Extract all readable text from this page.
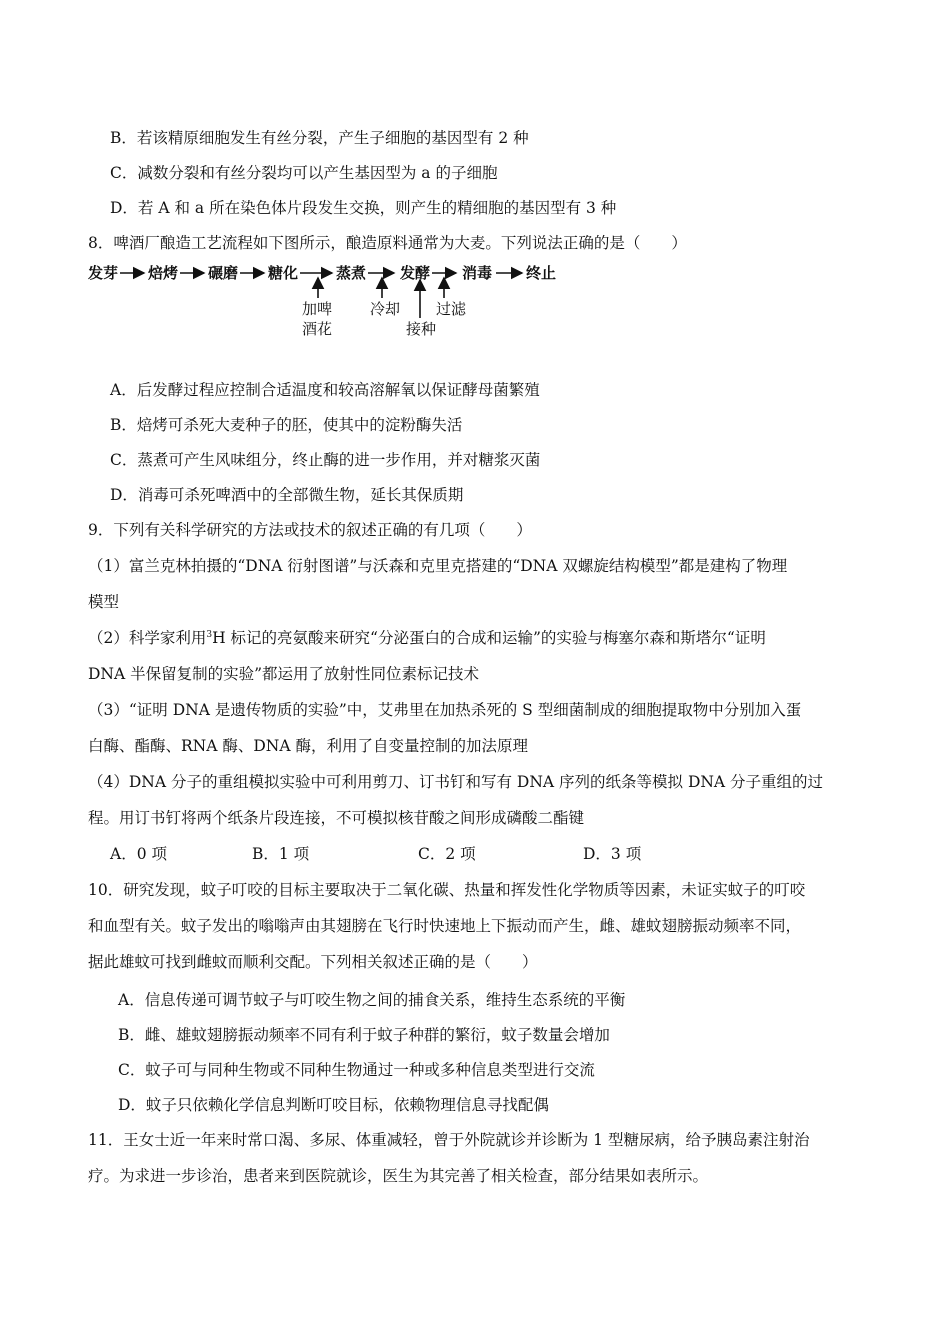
B．若该精原细胞发生有丝分裂，产生子细胞的基因型有 2 种
C．减数分裂和有丝分裂均可以产生基因型为 a 的子细胞
D．若 A 和 a 所在染色体片段发生交换，则产生的精细胞的基因型有 3 种
8．啤酒厂酿造工艺流程如下图所示，酿造原料通常为大麦。下列说法正确的是（　　）
发芽 焙烤 碾磨 糖化	蒸煮 发酵 消毒 终止
加啤
酒花
冷却
接种
过滤
A．后发酵过程应控制合适温度和较高溶解氧以保证酵母菌繁殖
B．焙烤可杀死大麦种子的胚，使其中的淀粉酶失活
C．蒸煮可产生风味组分，终止酶的进一步作用，并对糖浆灭菌
D．消毒可杀死啤酒中的全部微生物，延长其保质期
9．下列有关科学研究的方法或技术的叙述正确的有几项（　　）
（1）富兰克林拍摄的“DNA 衍射图谱”与沃森和克里克搭建的“DNA 双螺旋结构模型”都是建构了物理
模型
（2）科学家利用$^3$H 标记的亮氨酸来研究“分泌蛋白的合成和运输”的实验与梅塞尔森和斯塔尔“证明
DNA 半保留复制的实验”都运用了放射性同位素标记技术
（3）“证明 DNA 是遗传物质的实验”中，艾弗里在加热杀死的 S 型细菌制成的细胞提取物中分别加入蛋
白酶、酯酶、RNA 酶、DNA 酶，利用了自变量控制的加法原理
（4）DNA 分子的重组模拟实验中可利用剪刀、订书钉和写有 DNA 序列的纸条等模拟 DNA 分子重组的过
程。用订书钉将两个纸条片段连接，不可模拟核苷酸之间形成磷酸二酯键
A．0 项	B．1 项	C．2 项	D．3 项
10．研究发现，蚊子叮咬的目标主要取决于二氧化碳、热量和挥发性化学物质等因素，未证实蚊子的叮咬
和血型有关。蚊子发出的嗡嗡声由其翅膀在飞行时快速地上下振动而产生，雌、雄蚊翅膀振动频率不同，
据此雄蚊可找到雌蚊而顺利交配。下列相关叙述正确的是（　　）
A．信息传递可调节蚊子与叮咬生物之间的捕食关系，维持生态系统的平衡
B．雌、雄蚊翅膀振动频率不同有利于蚊子种群的繁衍，蚊子数量会增加
C．蚊子可与同种生物或不同种生物通过一种或多种信息类型进行交流
D．蚊子只依赖化学信息判断叮咬目标，依赖物理信息寻找配偶
11．王女士近一年来时常口渴、多尿、体重减轻，曾于外院就诊并诊断为 1 型糖尿病，给予胰岛素注射治
疗。为求进一步诊治，患者来到医院就诊，医生为其完善了相关检查，部分结果如表所示。
